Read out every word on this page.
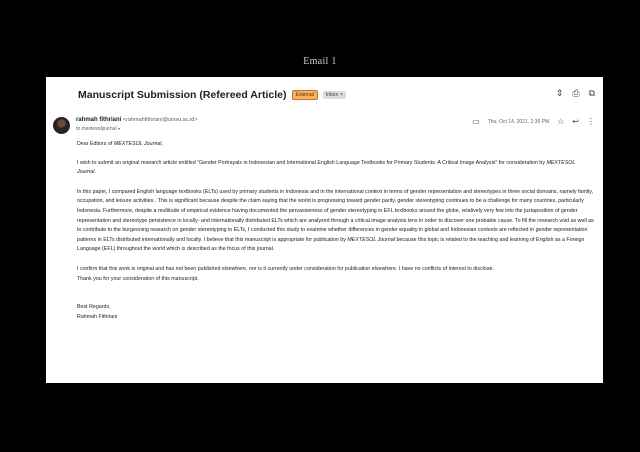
Email 1
Manuscript Submission (Refereed Article)	External	Inbox ×	⇕ ⎙ ⧉
rahmah fithriani <rahmahfithriani@uinsu.ac.id>
to mextesoljournal ▾
▭ Thu, Oct 14, 2021, 2:36 PM ☆ ↩ ⋮

Dear Editors of MEXTESOL Journal,

I wish to submit an original research article entitled "Gender Portrayals in Indonesian and International English Language Textbooks for Primary Students: A Critical Image Analysis" for consideration by MEXTESOL Journal.

In this paper, I compared English language textbooks (ELTs) used by primary students in Indonesia and in the international context in terms of gender representation and stereotypes in three social domains, namely family, occupation, and leisure activities.. This is significant because despite the claim saying that the world is progressing toward gender parity, gender stereotyping continues to be a challenge for many countries, particularly Indonesia. Furthermore, despite a multitude of empirical evidence having documented the pervasiveness of gender stereotyping in EFL textbooks around the globe, relatively very few into the juxtaposition of gender representation and stereotype persistence in locally- and internationally distributed ELTs which are analyzed through a critical image analysis lens in order to discover one probable cause. To fill the research void as well as to contribute to the burgeoning research on gender stereotyping in ELTs, I conducted this study to examine whether differences in gender equality in global and Indonesian contexts are reflected in gender representation patterns in ELTs distributed internationally and locally. I believe that this manuscript is appropriate for publication by MEXTESOL Journal because this topic is related to the teaching and learning of English as a Foreign Language (EFL) throughout the world which is described as the focus of this journal.

I confirm that this work is original and has not been published elsewhere, nor is it currently under consideration for publication elsewhere. I have no conflicts of interest to disclose.

Thank you for your consideration of this manuscript.

Best Regards,

Rahmah Fithriani
